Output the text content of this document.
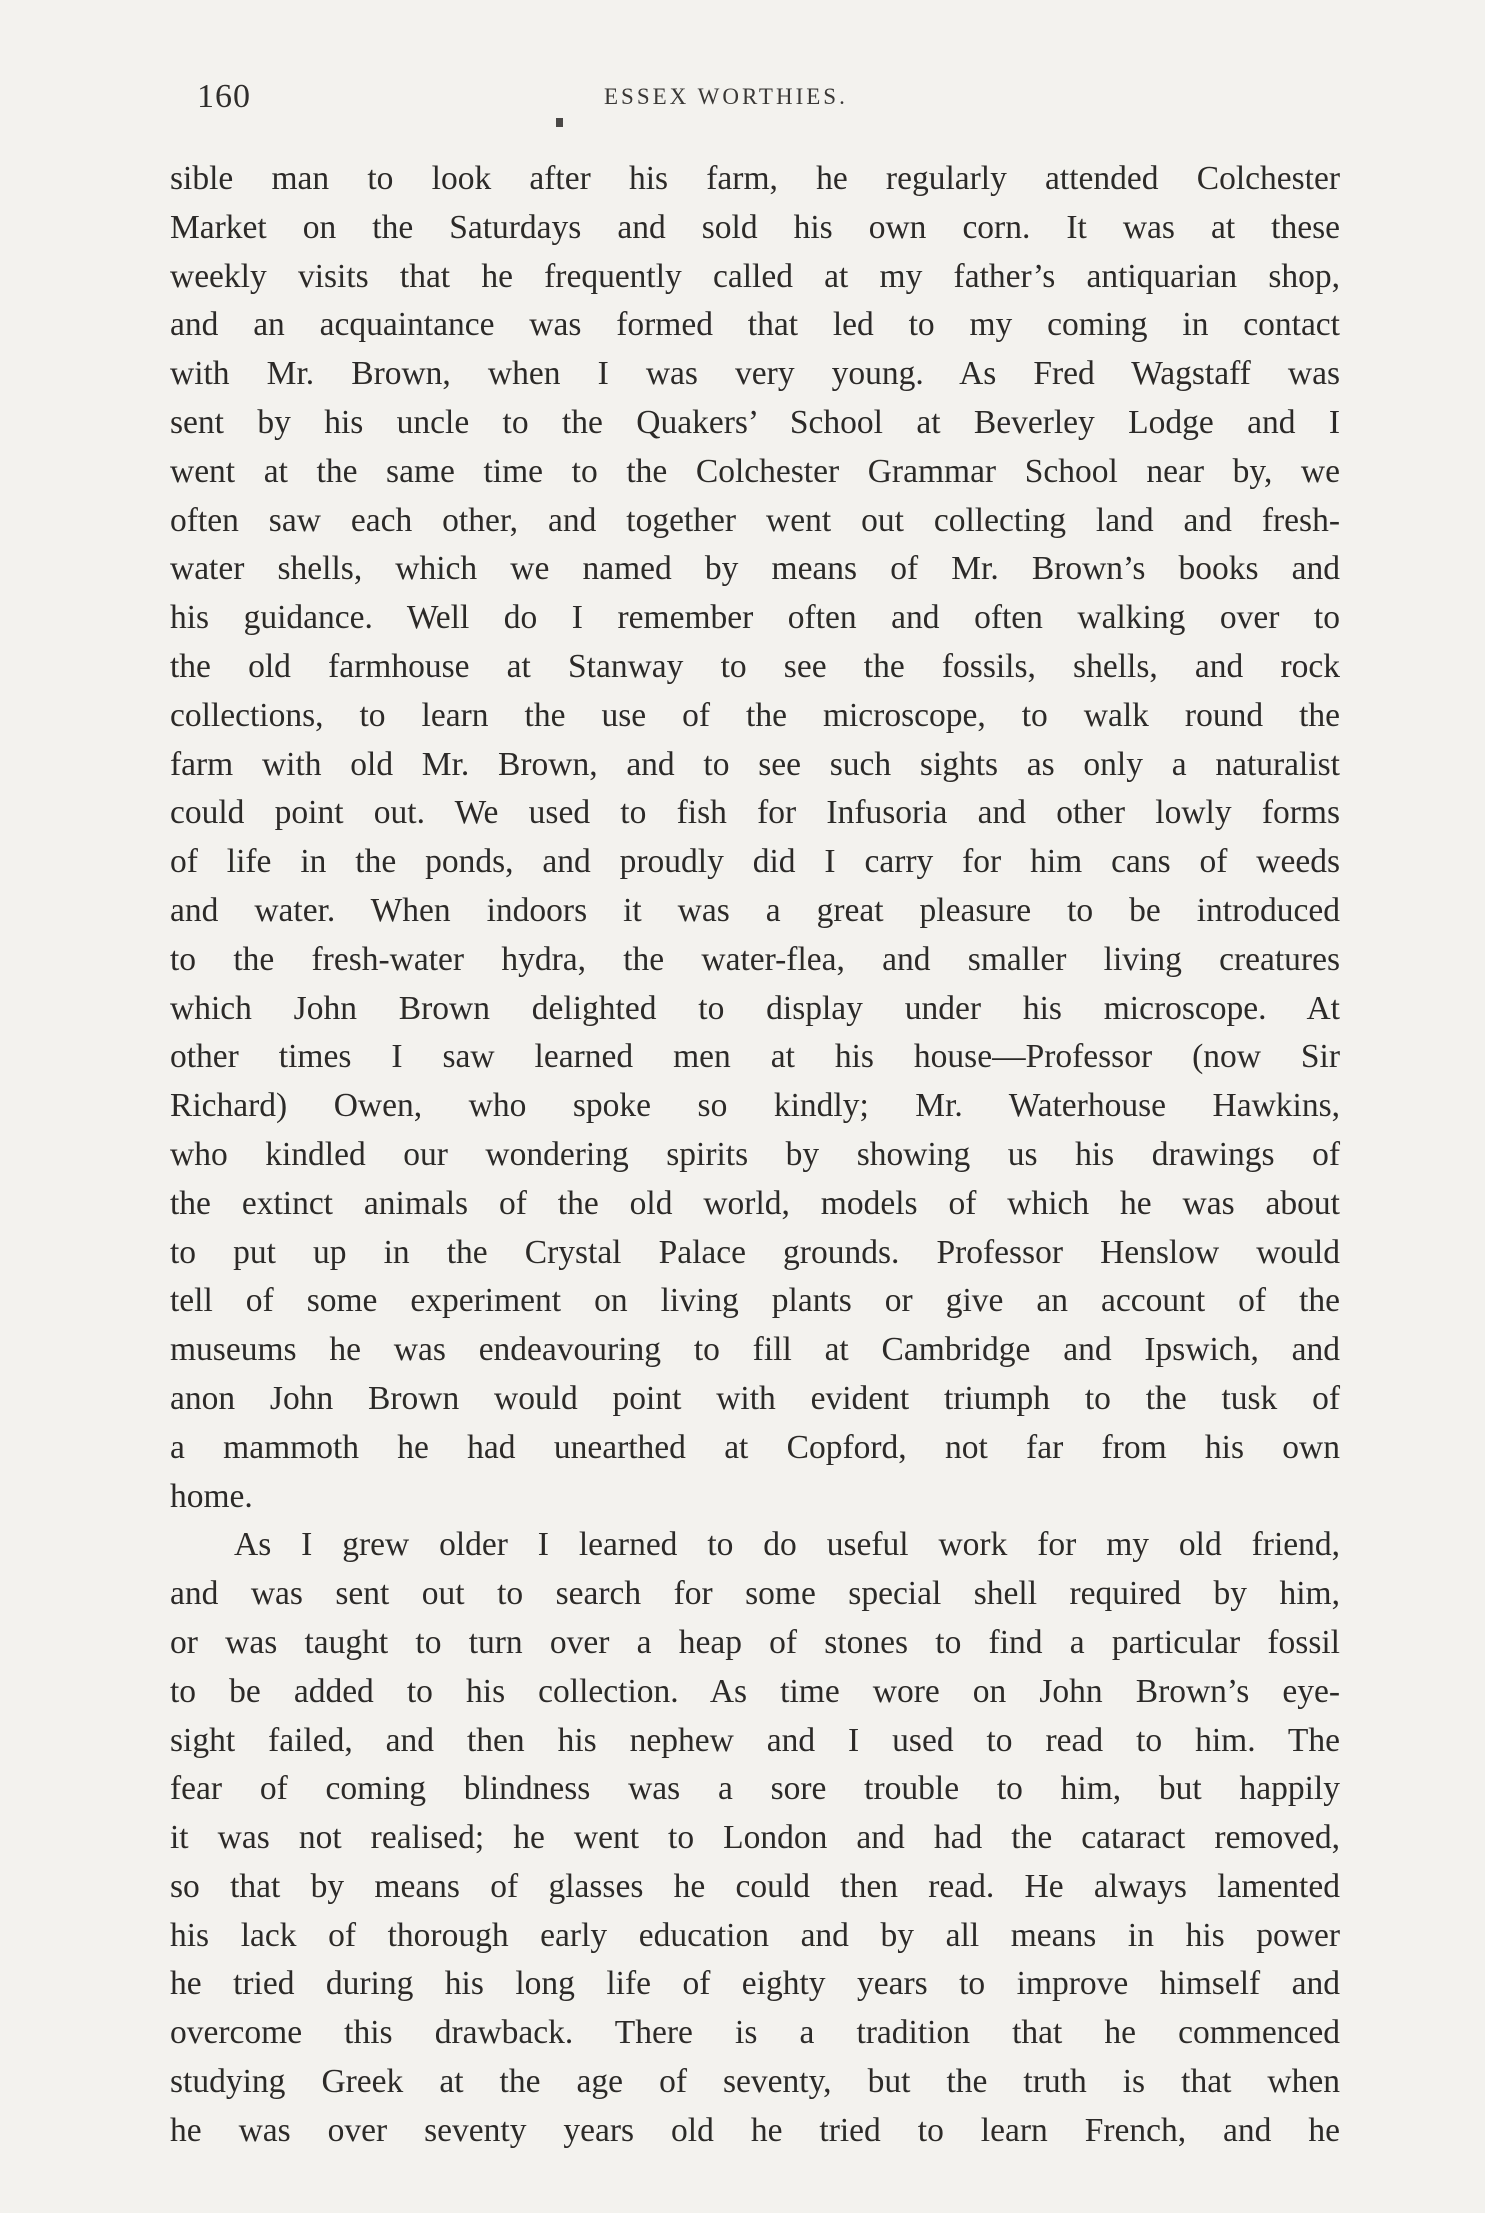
160	ESSEX WORTHIES.
sible man to look after his farm, he regularly attended Colchester
Market on the Saturdays and sold his own corn. It was at these
weekly visits that he frequently called at my father’s antiquarian shop,
and an acquaintance was formed that led to my coming in contact
with Mr. Brown, when I was very young. As Fred Wagstaff was
sent by his uncle to the Quakers’ School at Beverley Lodge and I
went at the same time to the Colchester Grammar School near by, we
often saw each other, and together went out collecting land and fresh-
water shells, which we named by means of Mr. Brown’s books and
his guidance. Well do I remember often and often walking over to
the old farmhouse at Stanway to see the fossils, shells, and rock
collections, to learn the use of the microscope, to walk round the
farm with old Mr. Brown, and to see such sights as only a naturalist
could point out. We used to fish for Infusoria and other lowly forms
of life in the ponds, and proudly did I carry for him cans of weeds
and water. When indoors it was a great pleasure to be introduced
to the fresh-water hydra, the water-flea, and smaller living creatures
which John Brown delighted to display under his microscope. At
other times I saw learned men at his house—Professor (now Sir
Richard) Owen, who spoke so kindly; Mr. Waterhouse Hawkins,
who kindled our wondering spirits by showing us his drawings of
the extinct animals of the old world, models of which he was about
to put up in the Crystal Palace grounds. Professor Henslow would
tell of some experiment on living plants or give an account of the
museums he was endeavouring to fill at Cambridge and Ipswich, and
anon John Brown would point with evident triumph to the tusk of
a mammoth he had unearthed at Copford, not far from his own
home.
As I grew older I learned to do useful work for my old friend,
and was sent out to search for some special shell required by him,
or was taught to turn over a heap of stones to find a particular fossil
to be added to his collection. As time wore on John Brown’s eye-
sight failed, and then his nephew and I used to read to him. The
fear of coming blindness was a sore trouble to him, but happily
it was not realised; he went to London and had the cataract removed,
so that by means of glasses he could then read. He always lamented
his lack of thorough early education and by all means in his power
he tried during his long life of eighty years to improve himself and
overcome this drawback. There is a tradition that he commenced
studying Greek at the age of seventy, but the truth is that when
he was over seventy years old he tried to learn French, and he
